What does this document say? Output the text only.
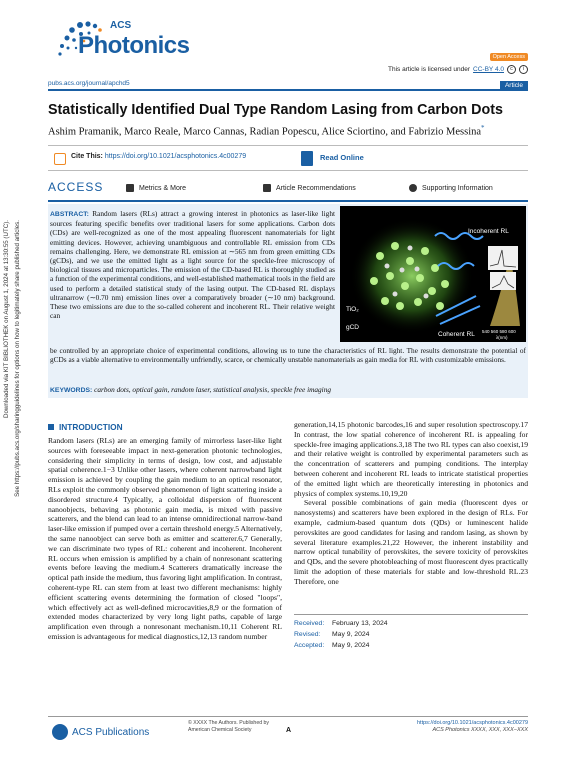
Downloaded via KIT BIBLIOTHEK on August 1, 2024 at 13:30:55 (UTC). See https://pubs.acs.org/sharingguidelines for options on how to legitimately share published articles.
ACS
Photonics	Open Access
This article is licensed under CC-BY 4.0	c	i
pubs.acs.org/journal/apchd5	Article
Statistically Identified Dual Type Random Lasing from Carbon Dots
Ashim Pramanik, Marco Reale, Marco Cannas, Radian Popescu, Alice Sciortino, and Fabrizio Messina*
Cite This: https://doi.org/10.1021/acsphotonics.4c00279	Read Online
ACCESS	Metrics & More	Article Recommendations	Supporting Information
ABSTRACT: Random lasers (RLs) attract a growing interest in photonics as laser-like light sources featuring specific benefits over traditional lasers for some applications. Carbon dots (CDs) are well-recognized as one of the most appealing fluorescent nanomaterials for light emitting devices. However, achieving unambiguous and controllable RL emission from CDs remains challenging. Here, we demonstrate RL emission at ∼565 nm from green emitting CDs (gCDs), and we use the emitted light as a light source for the speckle-free microscopy of biological tissues and microparticles. The emission of the CD-based RL is thoroughly studied as a function of the experimental conditions, and well-established mathematical tools in the field are used to perform a detailed statistical study of the lasing output. The CD-based RL displays ultranarrow (∼0.70 nm) emission lines over a comparatively broader (∼10 nm) background. These two emissions are due to the so-called coherent and incoherent RL. Their relative weight can
Incoherent RL
Coherent RL
TiO₂
gCD
540 560 580 600
λ(nm)
be controlled by an appropriate choice of experimental conditions, allowing us to tune the characteristics of RL light. The results demonstrate the potential of gCDs as a viable alternative to environmentally unfriendly, scarce, or chemically unstable nanomaterials as gain media for RL with customizable emissions.
KEYWORDS: carbon dots, optical gain, random laser, statistical analysis, speckle free imaging
INTRODUCTION
Random lasers (RLs) are an emerging family of mirrorless laser-like light sources with foreseeable impact in next-generation photonic technologies, considering their simplicity in terms of design, low cost, and adjustable spatial coherence.1−3 Unlike other lasers, where coherent narrowband light emission is achieved by coupling the gain medium to an optical resonator, RLs exploit the commonly observed phenomenon of light scattering inside a disordered structure.4 Typically, a colloidal dispersion of fluorescent nanoobjects, behaving as photonic gain media, is mixed with passive scatterers, and the blend can lead to an intense omnidirectional narrow-band laser-like emission if pumped over a certain threshold energy.5 Alternatively, the same nanoobject can serve both as emitter and scatterer.6,7 Generally, we can discriminate two types of RL: coherent and incoherent. Incoherent RL occurs when emission is amplified by a chain of nonresonant scattering events before leaving the medium.4 Scatterers dramatically increase the optical path inside the medium, thus favoring light amplification. In contrast, coherent-type RL can stem from at least two different mechanisms: highly efficient scattering events determining the formation of closed "loops", which effectively act as well-defined microcavities,8,9 or the formation of extended modes characterized by very long light paths, capable of large amplification even through a nonresonant mechanism.10,11 Coherent RL emission is advantageous for medical diagnostics,12,13 random number

generation,14,15 photonic barcodes,16 and super resolution spectroscopy.17 In contrast, the low spatial coherence of incoherent RL is appealing for speckle-free imaging applications.3,18 The two RL types can also coexist,19 and their relative weight is controlled by experimental parameters such as the concentration of scatterers and pumping conditions. The interplay between coherent and incoherent RL leads to intricate statistical properties of the emitted light which are theoretically interesting in photonics and physics of complex systems.10,19,20

Several possible combinations of gain media (fluorescent dyes or nanosystems) and scatterers have been explored in the design of RLs. For example, cadmium-based quantum dots (QDs) or luminescent halide perovskites are good candidates for lasing and random lasing, as shown by several literature examples.21,22 However, the inherent instability and narrow optical tunability of perovskites, the severe toxicity of perovskites and QDs, and the severe photobleaching of most fluorescent dyes practically limit the adoption of these materials for stable and low-threshold RL.23 Therefore, one

Received:	February 13, 2024
Revised:	May 9, 2024
Accepted:	May 9, 2024
ACS Publications
© XXXX The Authors. Published by
American Chemical Society	A
https://doi.org/10.1021/acsphotonics.4c00279
ACS Photonics XXXX, XXX, XXX−XXX
